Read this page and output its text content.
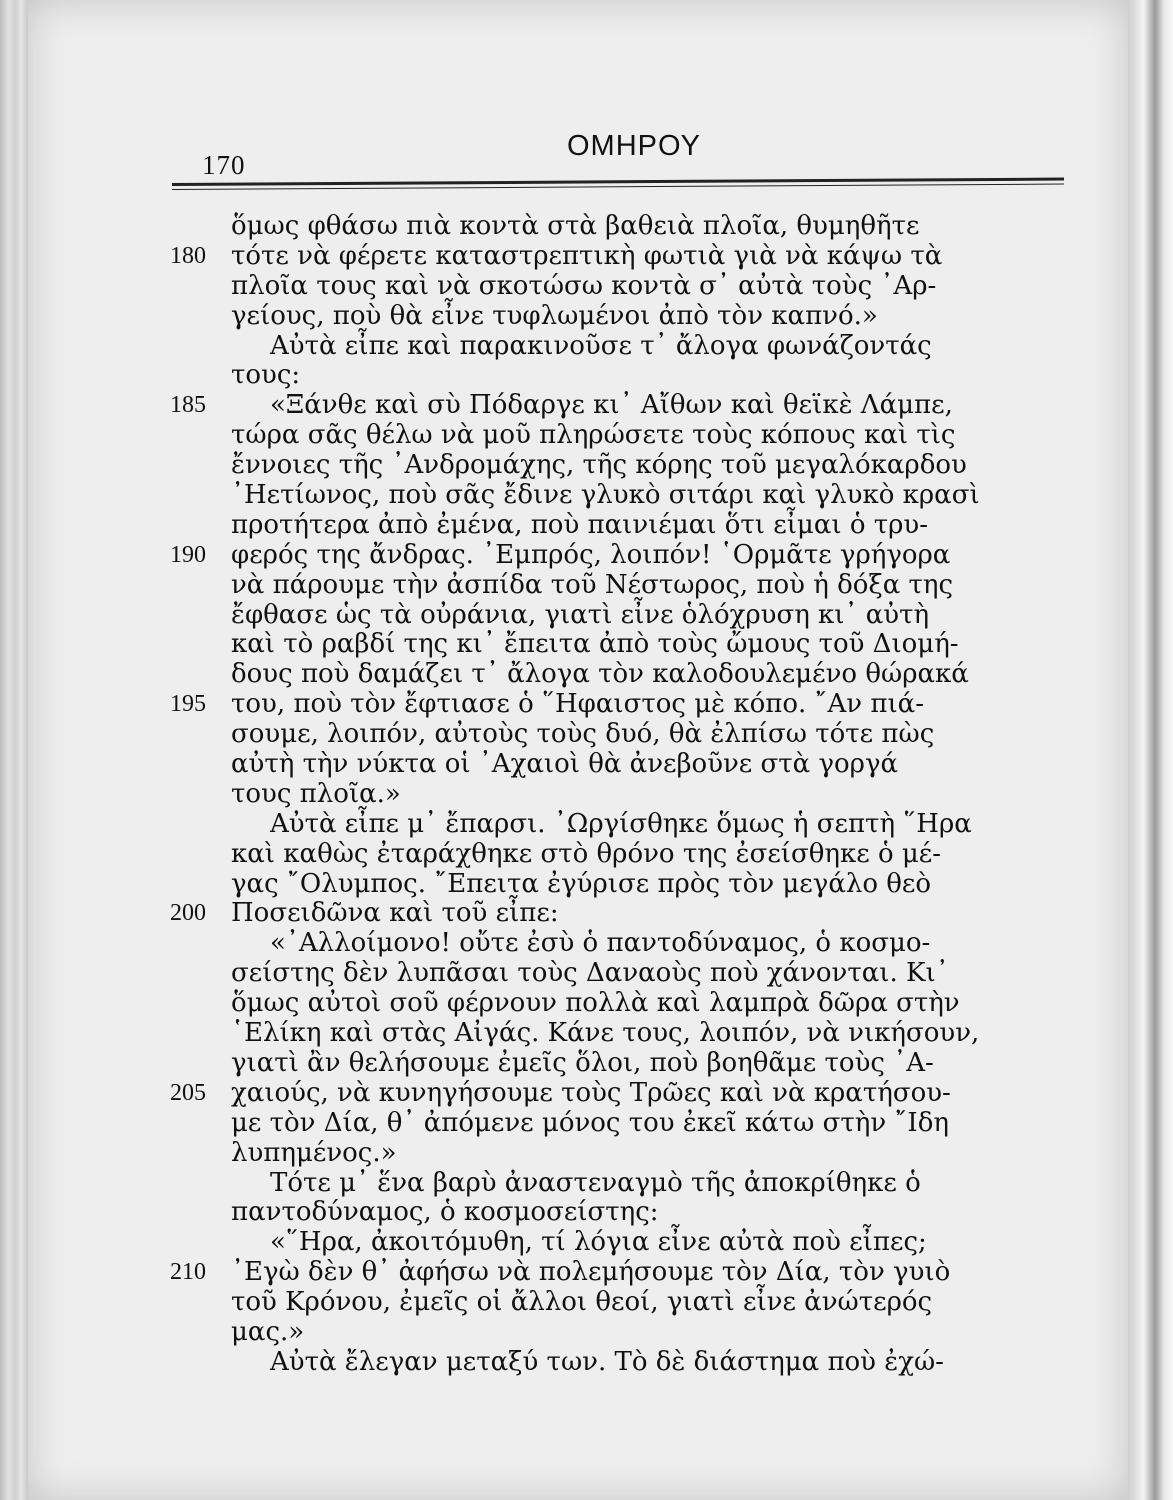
170
ΟΜΗΡΟΥ
ὅμως φθάσω πιὰ κοντὰ στὰ βαθειὰ πλοῖα, θυμηθῆτε
180 τότε νὰ φέρετε καταστρεπτικὴ φωτιὰ γιὰ νὰ κάψω τὰ
πλοῖα τους καὶ νὰ σκοτώσω κοντὰ σ᾿ αὐτὰ τοὺς ᾿Αρ-
γείους, ποὺ θὰ εἶνε τυφλωμένοι ἀπὸ τὸν καπνό.»
Αὐτὰ εἶπε καὶ παρακινοῦσε τ᾿ ἄλογα φωνάζοντάς
τους:
185	«Ξάνθε καὶ σὺ Πόδαργε κι᾿ Αἴθων καὶ θεϊκὲ Λάμπε,
τώρα σᾶς θέλω νὰ μοῦ πληρώσετε τοὺς κόπους καὶ τὶς
ἔννοιες τῆς ᾿Ανδρομάχης, τῆς κόρης τοῦ μεγαλόκαρδου
᾿Ηετίωνος, ποὺ σᾶς ἔδινε γλυκὸ σιτάρι καὶ γλυκὸ κρασὶ
προτήτερα ἀπὸ ἐμένα, ποὺ παινιέμαι ὅτι εἶμαι ὁ τρυ-
190 φερός της ἄνδρας. ᾿Εμπρός, λοιπόν! ῾Ορμᾶτε γρήγορα
νὰ πάρουμε τὴν ἀσπίδα τοῦ Νέστωρος, ποὺ ἡ δόξα της
ἔφθασε ὡς τὰ οὐράνια, γιατὶ εἶνε ὁλόχρυση κι᾿ αὐτὴ
καὶ τὸ ραβδί της κι᾿ ἔπειτα ἀπὸ τοὺς ὤμους τοῦ Διομή-
δους ποὺ δαμάζει τ᾿ ἄλογα τὸν καλοδουλεμένο θώρακά
195 του, ποὺ τὸν ἔφτιασε ὁ ῞Ηφαιστος μὲ κόπο. ῎Αν πιά-
σουμε, λοιπόν, αὐτοὺς τοὺς δυό, θὰ ἐλπίσω τότε πὼς
αὐτὴ τὴν νύκτα οἱ ᾿Αχαιοὶ θὰ ἀνεβοῦνε στὰ γοργά
τους πλοῖα.»
Αὐτὰ εἶπε μ᾿ ἔπαρσι. ᾿Ωργίσθηκε ὅμως ἡ σεπτὴ ῞Ηρα
καὶ καθὼς ἐταράχθηκε στὸ θρόνο της ἐσείσθηκε ὁ μέ-
γας ῎Ολυμπος. ῎Επειτα ἐγύρισε πρὸς τὸν μεγάλο θεὸ
200 Ποσειδῶνα καὶ τοῦ εἶπε:
«᾿Αλλοίμονο! οὔτε ἐσὺ ὁ παντοδύναμος, ὁ κοσμο-
σείστης δὲν λυπᾶσαι τοὺς Δαναοὺς ποὺ χάνονται. Κι᾿
ὅμως αὐτοὶ σοῦ φέρνουν πολλὰ καὶ λαμπρὰ δῶρα στὴν
῾Ελίκη καὶ στὰς Αἰγάς. Κάνε τους, λοιπόν, νὰ νικήσουν,
γιατὶ ἂν θελήσουμε ἐμεῖς ὅλοι, ποὺ βοηθᾶμε τοὺς ᾿Α-
205 χαιούς, νὰ κυνηγήσουμε τοὺς Τρῶες καὶ νὰ κρατήσου-
με τὸν Δία, θ᾿ ἀπόμενε μόνος του ἐκεῖ κάτω στὴν ῎Ιδη
λυπημένος.»
Τότε μ᾿ ἕνα βαρὺ ἀναστεναγμὸ τῆς ἀποκρίθηκε ὁ
παντοδύναμος, ὁ κοσμοσείστης:
«῞Ηρα, ἀκοιτόμυθη, τί λόγια εἶνε αὐτὰ ποὺ εἶπες;
210 ᾿Εγὼ δὲν θ᾿ ἀφήσω νὰ πολεμήσουμε τὸν Δία, τὸν γυιὸ
τοῦ Κρόνου, ἐμεῖς οἱ ἄλλοι θεοί, γιατὶ εἶνε ἀνώτερός
μας.»
Αὐτὰ ἔλεγαν μεταξύ των. Τὸ δὲ διάστημα ποὺ ἐχώ-
